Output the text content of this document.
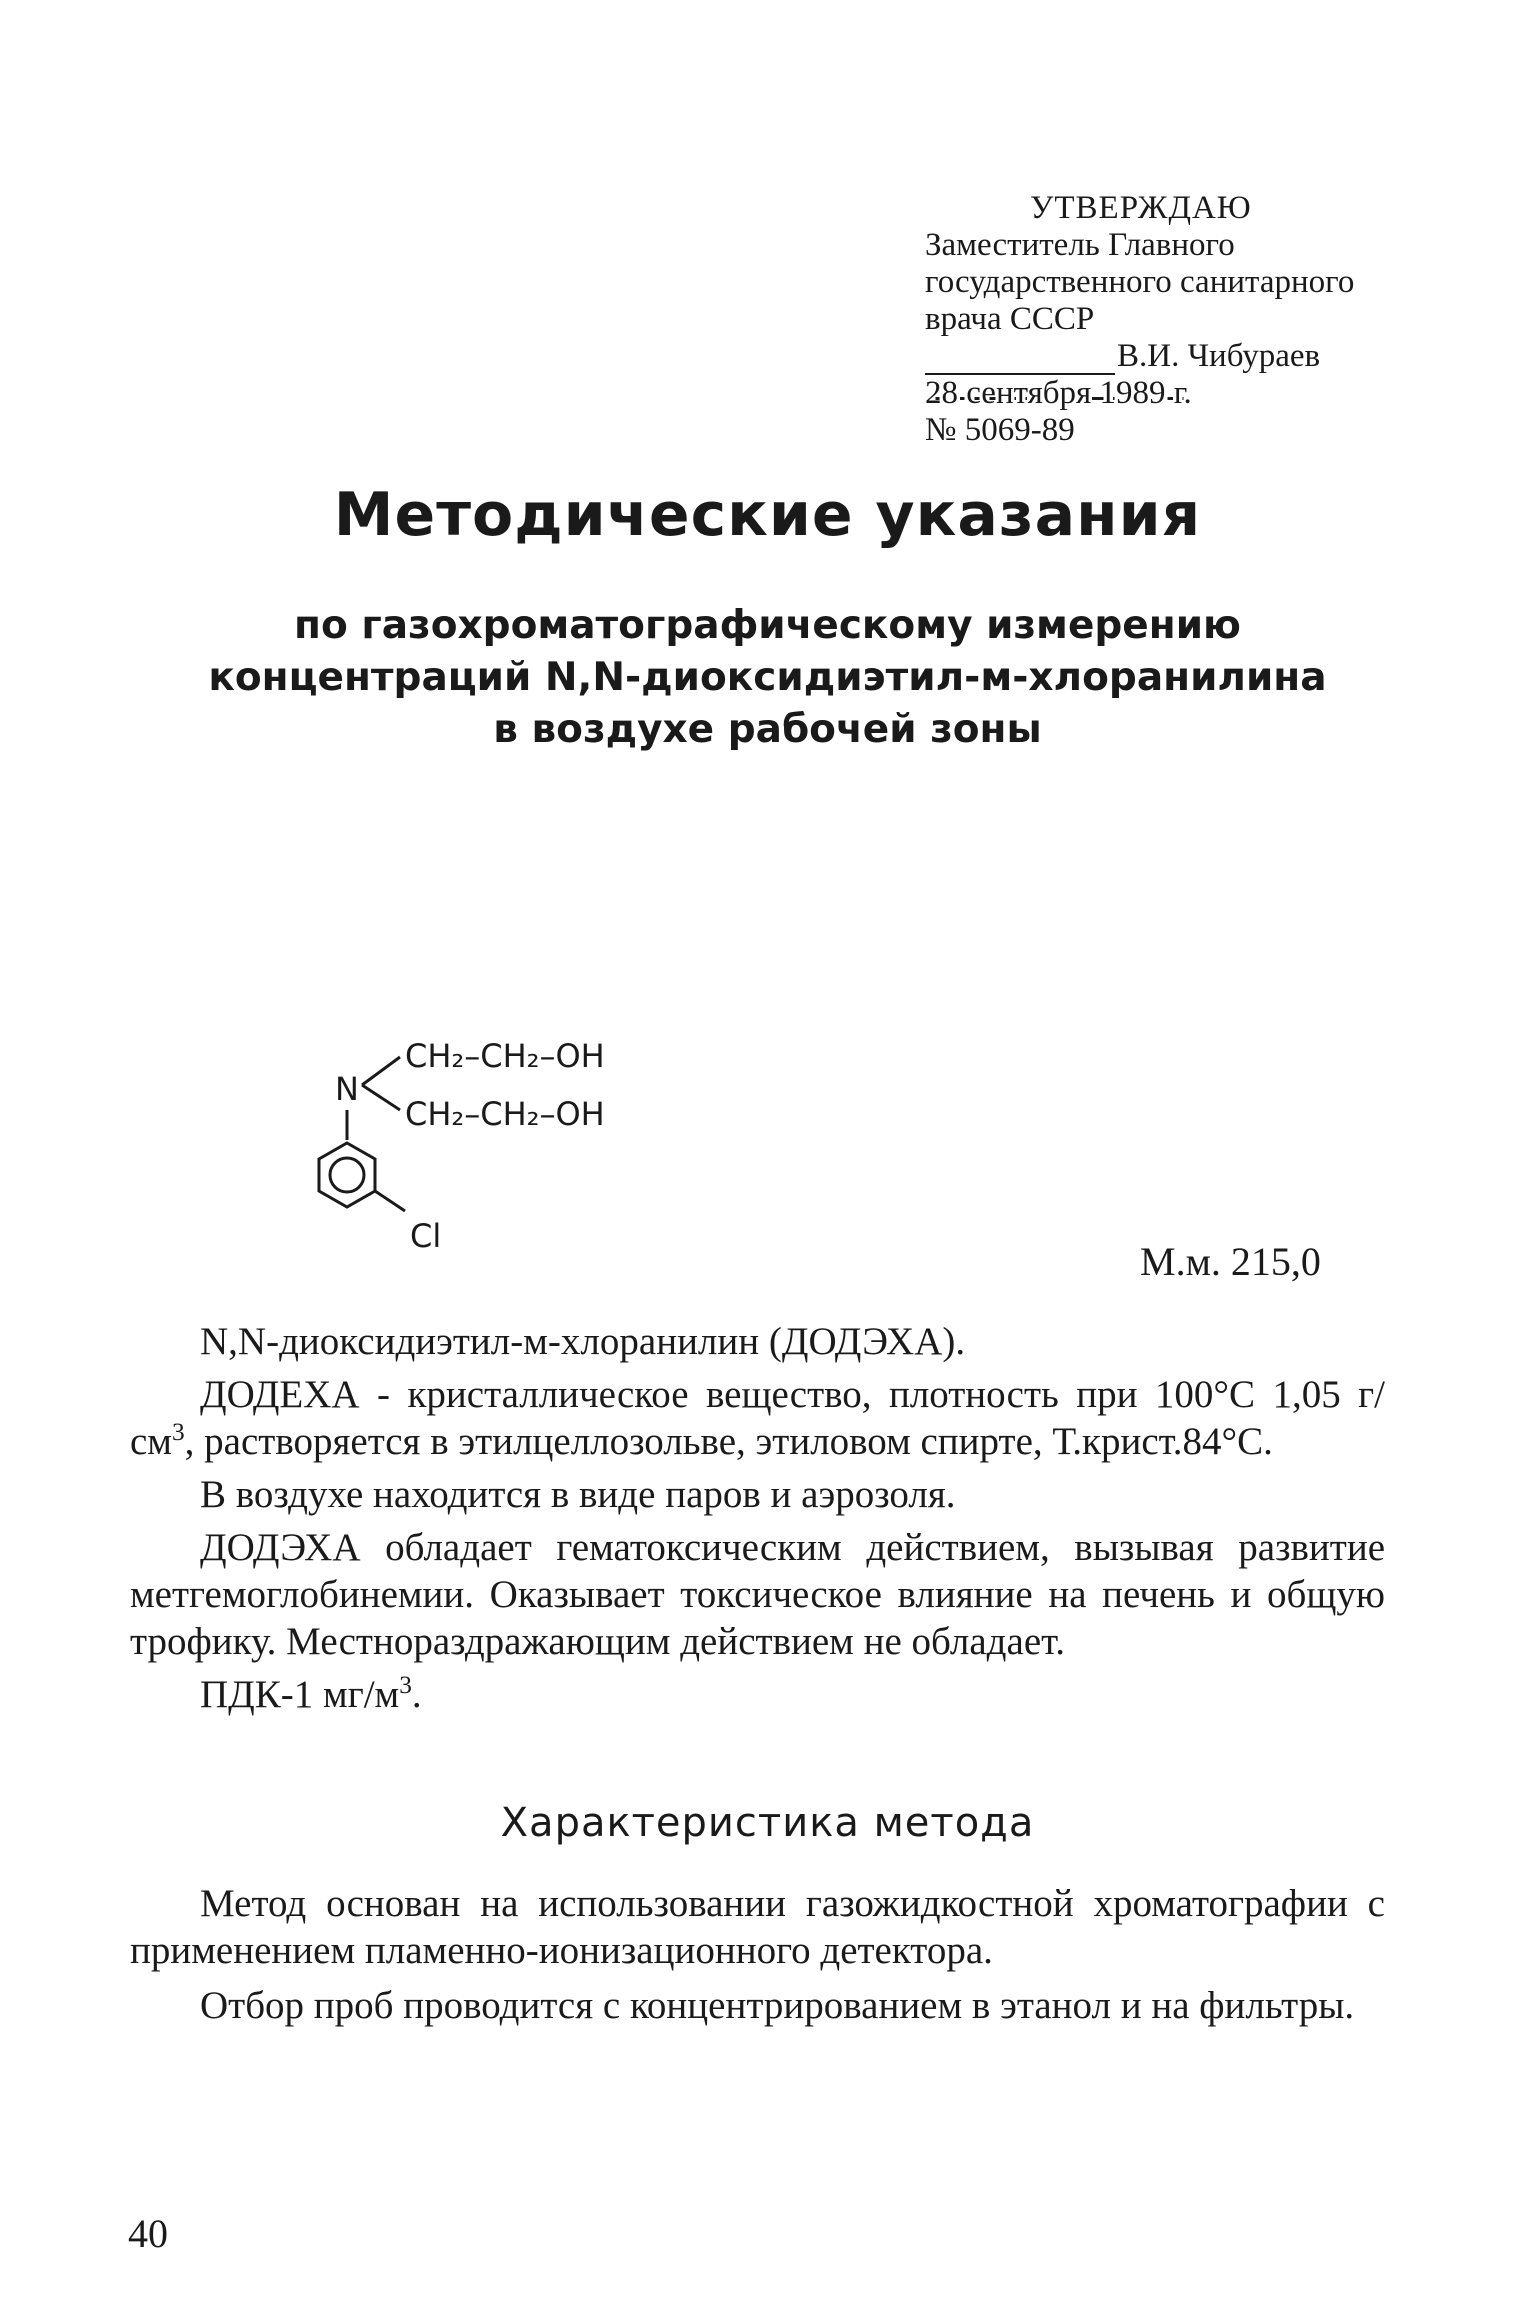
УТВЕРЖДАЮ
Заместитель Главного
государственного санитарного
врача СССР
В.И. Чибураев
28 сентября 1989 г.
№ 5069-89
Методические указания
по газохроматографическому измерению
концентраций N,N-диоксидиэтил-м-хлоранилина
в воздухе рабочей зоны
N
CH₂–CH₂–OH
CH₂–CH₂–OH
Cl
М.м. 215,0

N,N-диоксидиэтил-м-хлоранилин (ДОДЭХА).

ДОДЕХА - кристаллическое вещество, плотность при 100°С 1,05 $г/см^3$, растворяется в этилцеллозольве, этиловом спирте, Т.крист.84°С.

В воздухе находится в виде паров и аэрозоля.

ДОДЭХА обладает гематоксическим действием, вызывая развитие метгемоглобинемии. Оказывает токсическое влияние на печень и общую трофику. Местнораздражающим действием не обладает.

ПДК-1 $мг/м^3$.

Характеристика метода

Метод основан на использовании газожидкостной хроматографии с применением пламенно-ионизационного детектора.

Отбор проб проводится с концентрированием в этанол и на фильтры.

40
